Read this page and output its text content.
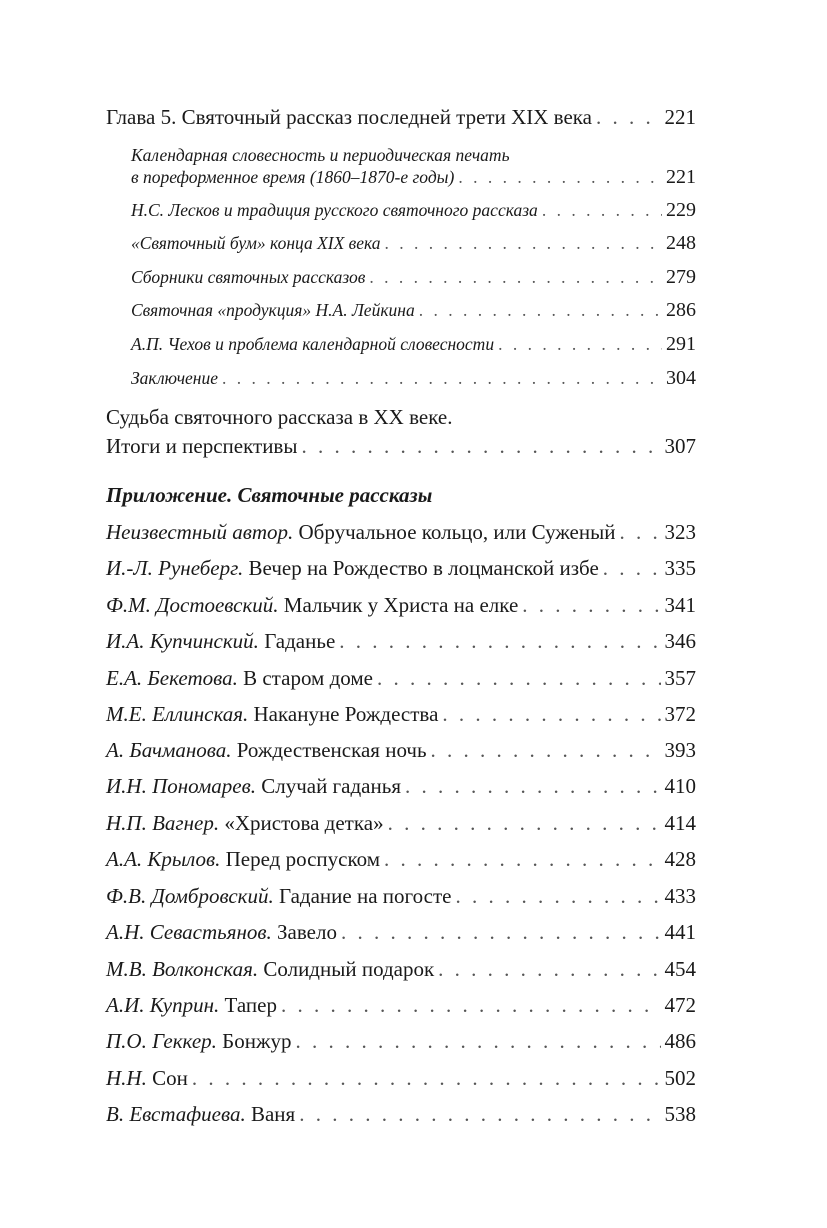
Глава 5. Святочный рассказ последней трети XIX века . . .	221
Календарная словесность и периодическая печать
в пореформенное время (1860–1870-е годы) . . .	221
Н.С. Лесков и традиция русского святочного рассказа . . .	229
«Святочный бум» конца XIX века . . .	248
Сборники святочных рассказов . . .	279
Святочная «продукция» Н.А. Лейкина . . .	286
А.П. Чехов и проблема календарной словесности . . .	291
Заключение . . .	304
Судьба святочного рассказа в XX веке.
Итоги и перспективы . . .	307
Приложение. Святочные рассказы
Неизвестный автор. Обручальное кольцо, или Суженый . . . 323
И.-Л. Рунеберг. Вечер на Рождество в лоцманской избе . . .	335
Ф.М. Достоевский. Мальчик у Христа на елке . . .	341
И.А. Купчинский. Гаданье . . .	346
Е.А. Бекетова. В старом доме . . .	357
М.Е. Еллинская. Накануне Рождества . . .	372
А. Бачманова. Рождественская ночь . . .	393
И.Н. Пономарев. Случай гаданья . . .	410
Н.П. Вагнер. «Христова детка» . . .	414
А.А. Крылов. Перед роспуском . . .	428
Ф.В. Домбровский. Гадание на погосте . . .	433
А.Н. Севастьянов. Завело . . .	441
М.В. Волконская. Солидный подарок . . .	454
А.И. Куприн. Тапер . . .	472
П.О. Геккер. Бонжур . . .	486
Н.Н. Сон . . .	502
В. Евстафиева. Ваня . . .	538
